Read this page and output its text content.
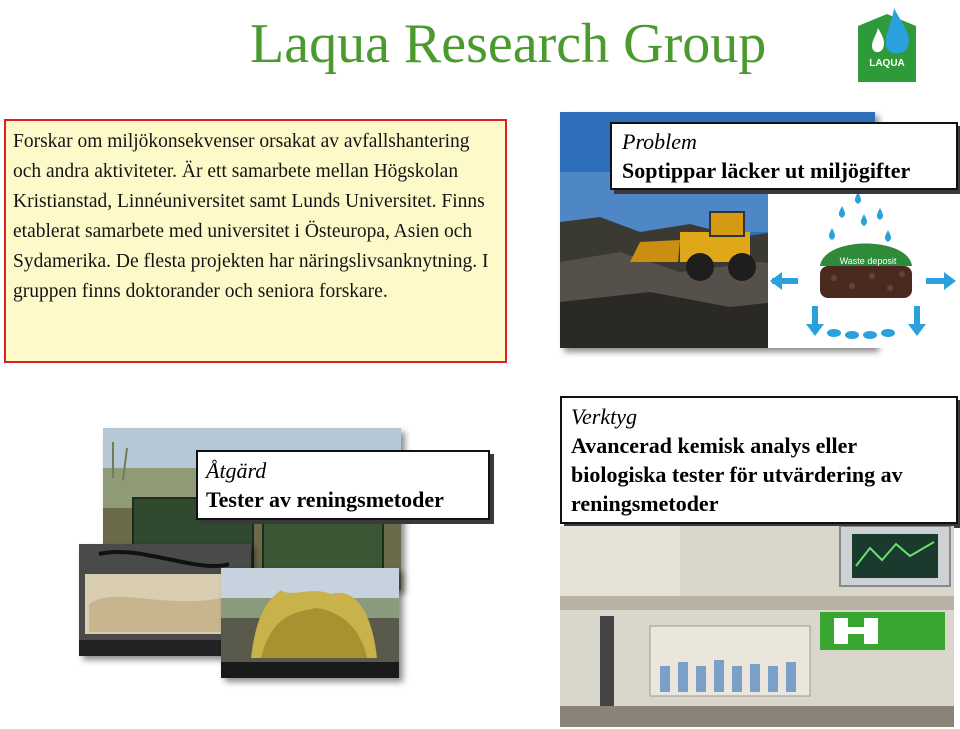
Laqua Research Group	LAQUA
Forskar om miljökonsekvenser orsakat av avfallshantering och andra aktiviteter. Är ett samarbete mellan Högskolan Kristianstad, Linnéuniversitet samt Lunds Universitet. Finns etablerat samarbete med universitet i Östeuropa, Asien och Sydamerika. De flesta projekten har näringslivsanknytning. I gruppen finns doktorander och seniora forskare.
Waste deposit
Problem
Soptippar läcker ut miljögifter
Åtgärd
Tester av reningsmetoder
Verktyg
Avancerad kemisk analys eller biologiska tester för utvärdering av reningsmetoder
